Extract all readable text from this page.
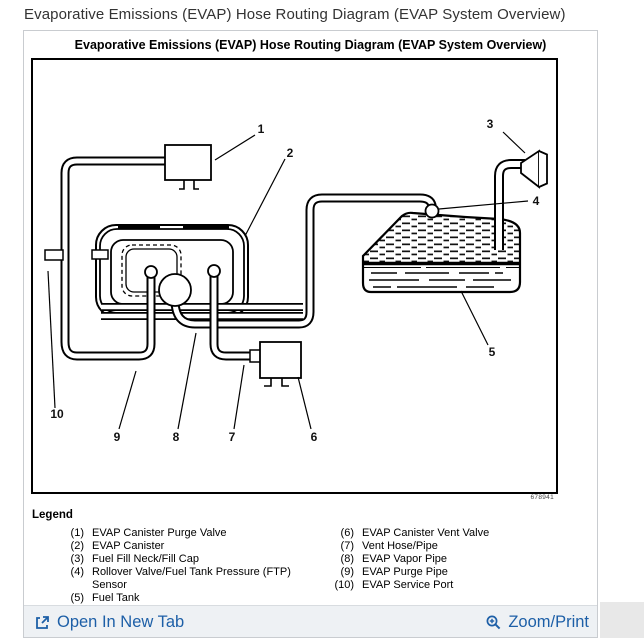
Evaporative Emissions (EVAP) Hose Routing Diagram (EVAP System Overview)
Evaporative Emissions (EVAP) Hose Routing Diagram (EVAP System Overview)
1
2
3
4
5
6
7
8
9
10
678941
Legend
(1) EVAP Canister Purge Valve
(2) EVAP Canister
(3) Fuel Fill Neck/Fill Cap
(4) Rollover Valve/Fuel Tank Pressure (FTP) Sensor
(5) Fuel Tank
(6) EVAP Canister Vent Valve
(7) Vent Hose/Pipe
(8) EVAP Vapor Pipe
(9) EVAP Purge Pipe
(10) EVAP Service Port
Open In New Tab	Zoom/Print
